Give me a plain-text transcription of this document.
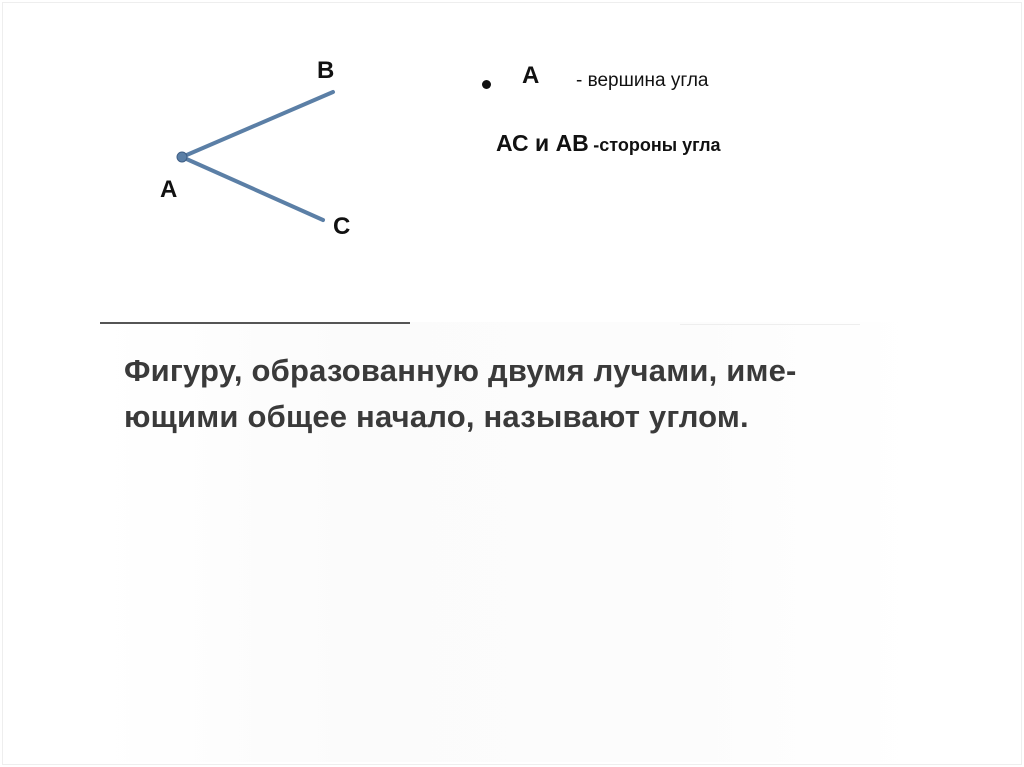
B
A
C
A - вершина угла
АС и АВ -стороны угла
Фигуру, образованную двумя лучами, име-
ющими общее начало, называют углом.
